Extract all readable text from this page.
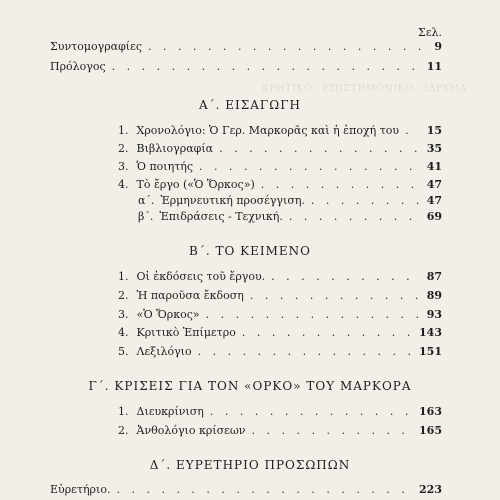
ΚΡΗΤΙΚΟ · ΕΠΙΣΤΗΜΟΝΙΚΟ · ΙΔΡΥΜΑ

Σελ.
Συντομογραφίες . . .	9
Πρόλογος . . .	11
Α΄. ΕΙΣΑΓΩΓΗ
1. Χρονολόγιο: Ὁ Γερ. Μαρκορᾶς καὶ ἡ ἐποχή του . . .	15
2. Βιβλιογραφία . . .	35
3. Ὁ ποιητής . . .	41
4. Τὸ ἔργο («Ὁ Ὅρκος») . . .	47
α΄. Ἑρμηνευτική προσέγγιση. . . .	47
β΄. Ἐπιδράσεις - Τεχνική. . . .	69
Β΄. ΤΟ ΚΕΙΜΕΝΟ
1. Οἱ ἐκδόσεις τοῦ ἔργου. . . .	87
2. Ἡ παροῦσα ἔκδοση . . .	89
3. «Ὁ Ὅρκος» . . .	93
4. Κριτικὸ Ἐπίμετρο . . .	143
5. Λεξιλόγιο . . .	151
Γ΄. ΚΡΙΣΕΙΣ ΓΙΑ ΤΟΝ «ΟΡΚΟ» ΤΟΥ ΜΑΡΚΟΡΑ
1. Διευκρίνιση . . .	163
2. Ἀνθολόγιο κρίσεων . . .	165
Δ΄. ΕΥΡΕΤΗΡΙΟ ΠΡΟΣΩΠΩΝ
Εὑρετήριο. . . .	223
